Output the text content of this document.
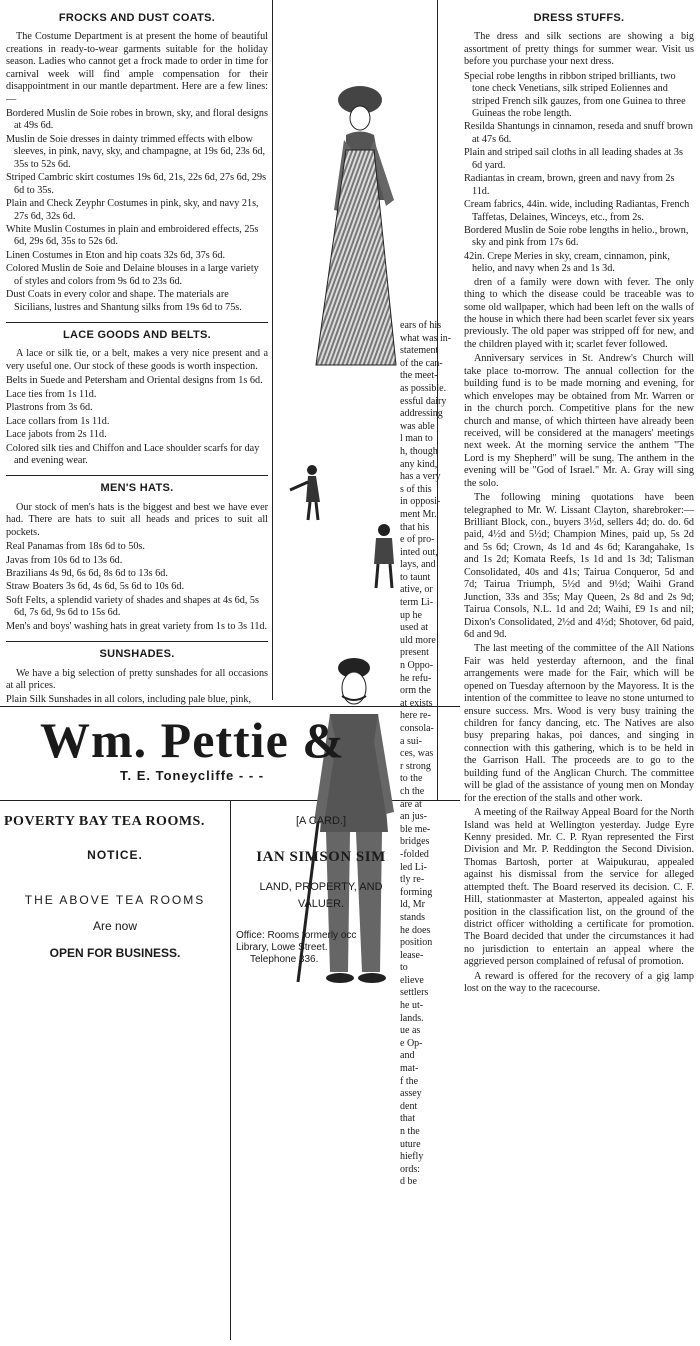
FROCKS AND DUST COATS.

The Costume Department is at present the home of beautiful creations in ready-to-wear garments suitable for the holiday season. Ladies who cannot get a frock made to order in time for carnival week will find ample compensation for their disappointment in our mantle department. Here are a few lines:—

Bordered Muslin de Soie robes in brown, sky, and floral designs at 49s 6d.
Muslin de Soie dresses in dainty trimmed effects with elbow sleeves, in pink, navy, sky, and champagne, at 19s 6d, 23s 6d, 35s to 52s 6d.
Striped Cambric skirt costumes 19s 6d, 21s, 22s 6d, 27s 6d, 29s 6d to 35s.
Plain and Check Zeyphr Costumes in pink, sky, and navy 21s, 27s 6d, 32s 6d.
White Muslin Costumes in plain and embroidered effects, 25s 6d, 29s 6d, 35s to 52s 6d.
Linen Costumes in Eton and hip coats 32s 6d, 37s 6d.
Colored Muslin de Soie and Delaine blouses in a large variety of styles and colors from 9s 6d to 23s 6d.
Dust Coats in every color and shape. The materials are Sicilians, lustres and Shantung silks from 19s 6d to 75s.
LACE GOODS AND BELTS.

A lace or silk tie, or a belt, makes a very nice present and a very useful one. Our stock of these goods is worth inspection.

Belts in Suede and Petersham and Oriental designs from 1s 6d.
Lace ties from 1s 11d.
Plastrons from 3s 6d.
Lace collars from 1s 11d.
Lace jabots from 2s 11d.
Colored silk ties and Chiffon and Lace shoulder scarfs for day and evening wear.
MEN'S HATS.

Our stock of men's hats is the biggest and best we have ever had. There are hats to suit all heads and prices to suit all pockets.

Real Panamas from 18s 6d to 50s.
Javas from 10s 6d to 13s 6d.
Brazilians 4s 9d, 6s 6d, 8s 6d to 13s 6d.
Straw Boaters 3s 6d, 4s 6d, 5s 6d to 10s 6d.
Soft Felts, a splendid variety of shades and shapes at 4s 6d, 5s 6d, 7s 6d, 9s 6d to 15s 6d.
Men's and boys' washing hats in great variety from 1s to 3s 11d.
SUNSHADES.

We have a big selection of pretty sunshades for all occasions at all prices.

Plain Silk Sunshades in all colors, including pale blue, pink,
ears of his
what was in-
statement
of the can-
the meet-
as possible.
essful dairy
addressing
was able
l man to
h, though
any kind,
has a very
s of this
in opposi-
ment Mr.
that his
e of pro-
inted out,
lays, and
to taunt
ative, or
term Li-
up he
used at
uld more
present
n Oppo-
he refu-
orm the
at exists
here re-
consola-
a sui-
ces, was
r strong
to the
ch the
are at
an jus-
ble me-
bridges
-folded
led Li-
tly re-
forming
ld, Mr
stands
he does
position
lease-
to
elieve
settlers
he ut-
lands.
ue as
e Op-
and
mat-
f the
assey
dent
that
n the
uture
hiefly
ords:
d be
DRESS STUFFS.

The dress and silk sections are showing a big assortment of pretty things for summer wear. Visit us before you purchase your next dress.

Special robe lengths in ribbon striped brilliants, two tone check Venetians, silk striped Eoliennes and striped French silk gauzes, from one Guinea to three Guineas the robe length.
Resilda Shantungs in cinnamon, reseda and snuff brown at 47s 6d.
Plain and striped sail cloths in all leading shades at 3s 6d yard.
Radiantas in cream, brown, green and navy from 2s 11d.
Cream fabrics, 44in. wide, including Radiantas, French Taffetas, Delaines, Winceys, etc., from 2s.
Bordered Muslin de Soie robe lengths in helio., brown, sky and pink from 17s 6d.
42in. Crepe Meries in sky, cream, cinnamon, pink, helio, and navy when 2s and 1s 3d.

dren of a family were down with fever. The only thing to which the disease could be traceable was to some old wallpaper, which had been left on the walls of the house in which there had been scarlet fever six years previously. The old paper was stripped off for new, and the children played with it; scarlet fever followed.

Anniversary services in St. Andrew's Church will take place to-morrow. The annual collection for the building fund is to be made morning and evening, for which envelopes may be obtained from Mr. Warren or in the church porch. Competitive plans for the new church and manse, of which thirteen have already been received, will be considered at the managers' meetings next week. At the morning service the anthem "The Lord is my Shepherd" will be sung. The anthem in the evening will be "God of Israel." Mr. A. Gray will sing the solo.

The following mining quotations have been telegraphed to Mr. W. Lissant Clayton, sharebroker:—Brilliant Block, con., buyers 3½d, sellers 4d; do. do. 6d paid, 4½d and 5½d; Champion Mines, paid up, 5s 2d and 5s 6d; Crown, 4s 1d and 4s 6d; Karangahake, 1s and 1s 2d; Komata Reefs, 1s 1d and 1s 3d; Talisman Consolidated, 40s and 41s; Tairua Conqueror, 5d and 7d; Tairua Triumph, 5½d and 9½d; Waihi Grand Junction, 33s and 35s; May Queen, 2s 8d and 2s 9d; Tairua Consols, N.L. 1d and 2d; Waihi, £9 1s and nil; Dixon's Consolidated, 2½d and 4½d; Shotover, 6d paid, 6d and 9d.

The last meeting of the committee of the All Nations Fair was held yesterday afternoon, and the final arrangements were made for the Fair, which will be opened on Tuesday afternoon by the Mayoress. It is the intention of the committee to leave no stone unturned to ensure success. Mrs. Wood is very busy training the children for fancy dancing, etc. The Natives are also busy preparing hakas, poi dances, and singing in connection with this gathering, which is to be held in the Garrison Hall. The proceeds are to go to the building fund of the Anglican Church. The committee will be glad of the assistance of young men on Monday for the erection of the stalls and other work.

A meeting of the Railway Appeal Board for the North Island was held at Wellington yesterday. Judge Eyre Kenny presided. Mr. C. P. Ryan represented the First Division and Mr. P. Reddington the Second Division. Thomas Bartosh, porter at Waipukurau, appealed against his dismissal from the service for alleged attempted theft. The Board reserved its decision. C. F. Hill, stationmaster at Masterton, appealed against his position in the classification list, on the ground of the district officer witholding a certificate for promotion. The Board decided that under the circumstances it had no jurisdiction to entertain an appeal where the aggrieved person complained of refusal of promotion.

A reward is offered for the recovery of a gig lamp lost on the way to the racecourse.

Wm. Pettie &
T. E. Toneycliffe - - -
POVERTY BAY TEA ROOMS.
NOTICE.
THE ABOVE TEA ROOMS
Are now
OPEN FOR BUSINESS.
[A CARD.]
IAN SIMSON SIM
LAND, PROPERTY, AND
VALUER.
Office: Rooms formerly occ
Library, Lowe Street.
Telephone 336.
